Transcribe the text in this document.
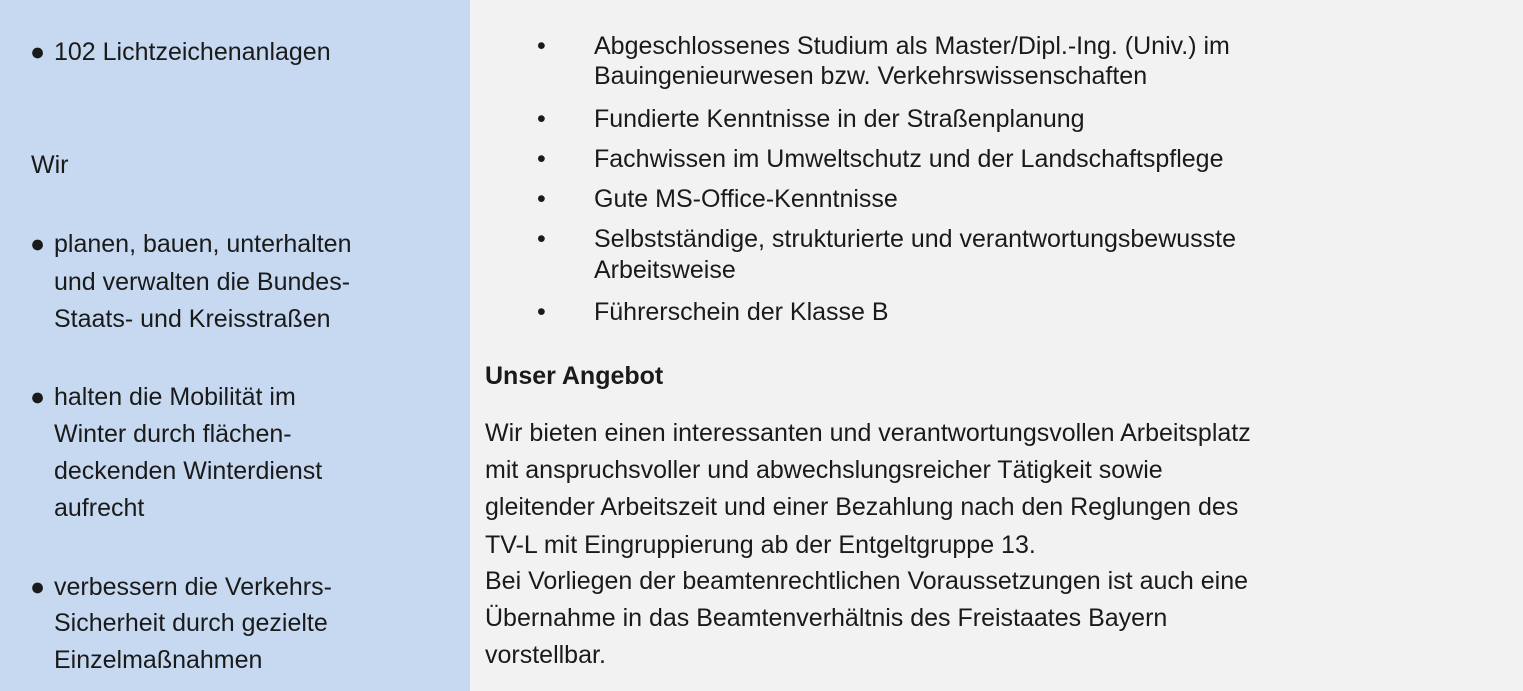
● 102 Lichtzeichenanlagen

Wir

● planen, bauen, unterhalten

und verwalten die Bundes-

Staats- und Kreisstraßen

● halten die Mobilität im

Winter durch flächen-

deckenden Winterdienst

aufrecht

● verbessern die Verkehrs-

Sicherheit durch gezielte

Einzelmaßnahmen

• Abgeschlossenes Studium als Master/Dipl.-Ing. (Univ.) im

Bauingenieurwesen bzw. Verkehrswissenschaften

• Fundierte Kenntnisse in der Straßenplanung

• Fachwissen im Umweltschutz und der Landschaftspflege

• Gute MS-Office-Kenntnisse

• Selbstständige, strukturierte und verantwortungsbewusste

Arbeitsweise

• Führerschein der Klasse B

Unser Angebot

Wir bieten einen interessanten und verantwortungsvollen Arbeitsplatz

mit anspruchsvoller und abwechslungsreicher Tätigkeit sowie

gleitender Arbeitszeit und einer Bezahlung nach den Reglungen des

TV-L mit Eingruppierung ab der Entgeltgruppe 13.

Bei Vorliegen der beamtenrechtlichen Voraussetzungen ist auch eine

Übernahme in das Beamtenverhältnis des Freistaates Bayern

vorstellbar.
